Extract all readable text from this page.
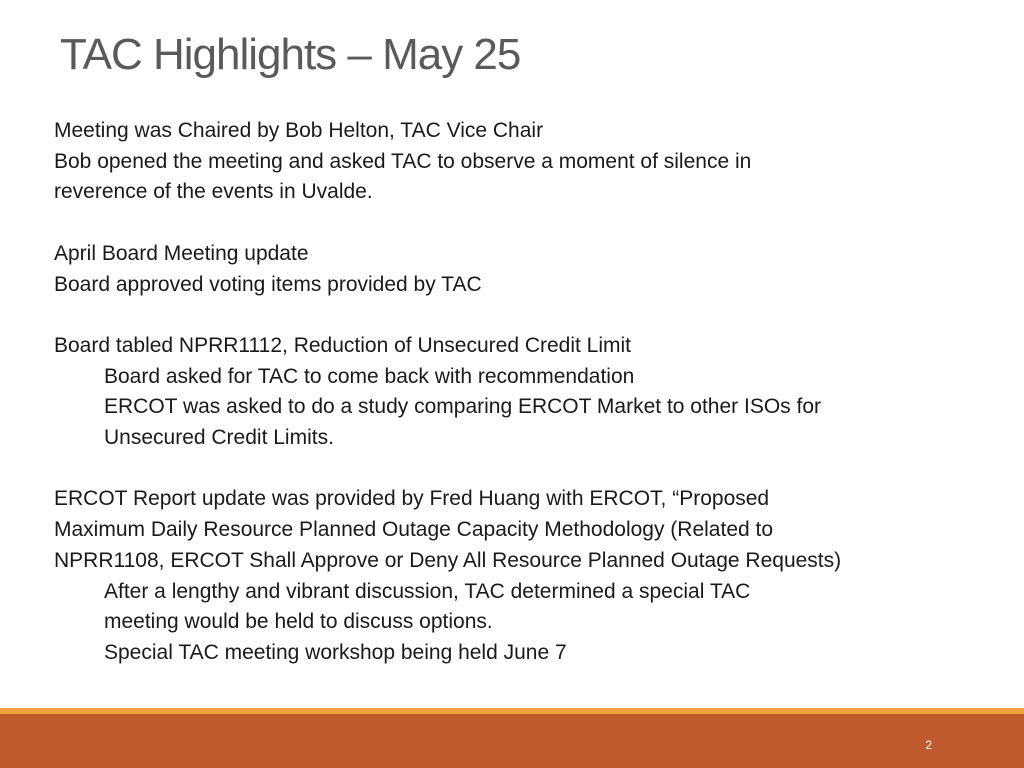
TAC Highlights – May 25
Meeting was Chaired by Bob Helton, TAC Vice Chair
Bob opened the meeting and asked TAC to observe a moment of silence in
reverence of the events in Uvalde.
April Board Meeting update
Board approved voting items provided by TAC
Board tabled NPRR1112, Reduction of Unsecured Credit Limit
Board asked for TAC to come back with recommendation
ERCOT was asked to do a study comparing ERCOT Market to other ISOs for
Unsecured Credit Limits.
ERCOT Report update was provided by Fred Huang with ERCOT, “Proposed
Maximum Daily Resource Planned Outage Capacity Methodology (Related to
NPRR1108, ERCOT Shall Approve or Deny All Resource Planned Outage Requests)
After a lengthy and vibrant discussion, TAC determined a special TAC
meeting would be held to discuss options.
Special TAC meeting workshop being held June 7
2
